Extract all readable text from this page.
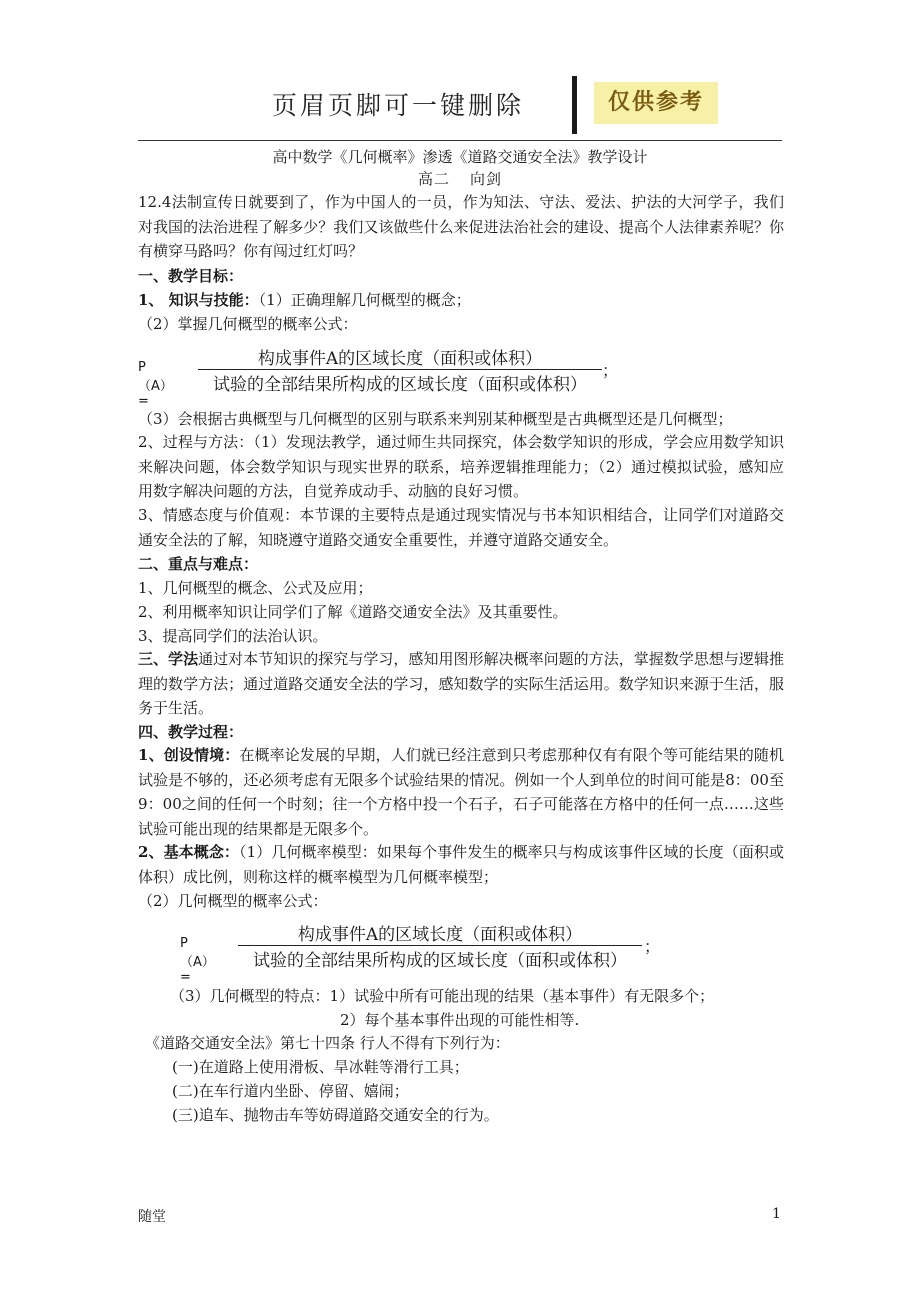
页眉页脚可一键删除	仅供参考
高中数学《几何概率》渗透《道路交通安全法》教学设计
高二 向剑
12.4法制宣传日就要到了，作为中国人的一员，作为知法、守法、爱法、护法的大河学子，我们对我国的法治进程了解多少？我们又该做些什么来促进法治社会的建设、提高个人法律素养呢？你有横穿马路吗？你有闯过红灯吗？
一、教学目标：
1、 知识与技能：（1）正确理解几何概型的概念；
（2）掌握几何概型的概率公式：
P（A）=
构成事件A的区域长度（面积或体积）
试验的全部结果所构成的区域长度（面积或体积）
；
（3）会根据古典概型与几何概型的区别与联系来判别某种概型是古典概型还是几何概型；
2、过程与方法：（1）发现法教学，通过师生共同探究，体会数学知识的形成，学会应用数学知识来解决问题，体会数学知识与现实世界的联系，培养逻辑推理能力；（2）通过模拟试验，感知应用数字解决问题的方法，自觉养成动手、动脑的良好习惯。
3、情感态度与价值观：本节课的主要特点是通过现实情况与书本知识相结合，让同学们对道路交通安全法的了解，知晓遵守道路交通安全重要性，并遵守道路交通安全。
二、重点与难点：
1、几何概型的概念、公式及应用；
2、利用概率知识让同学们了解《道路交通安全法》及其重要性。
3、提高同学们的法治认识。
三、学法通过对本节知识的探究与学习，感知用图形解决概率问题的方法，掌握数学思想与逻辑推理的数学方法；通过道路交通安全法的学习，感知数学的实际生活运用。数学知识来源于生活，服务于生活。
四、教学过程：
1、创设情境：在概率论发展的早期，人们就已经注意到只考虑那种仅有有限个等可能结果的随机试验是不够的，还必须考虑有无限多个试验结果的情况。例如一个人到单位的时间可能是8：00至9：00之间的任何一个时刻；往一个方格中投一个石子，石子可能落在方格中的任何一点……这些试验可能出现的结果都是无限多个。
2、基本概念：（1）几何概率模型：如果每个事件发生的概率只与构成该事件区域的长度（面积或体积）成比例，则称这样的概率模型为几何概率模型；
（2）几何概型的概率公式：
P（A）=
构成事件A的区域长度（面积或体积）
试验的全部结果所构成的区域长度（面积或体积）
；
（3）几何概型的特点：1）试验中所有可能出现的结果（基本事件）有无限多个；
2）每个基本事件出现的可能性相等.
《道路交通安全法》第七十四条 行人不得有下列行为：
(一)在道路上使用滑板、旱冰鞋等滑行工具；
(二)在车行道内坐卧、停留、嬉闹；
(三)追车、抛物击车等妨碍道路交通安全的行为。
随堂	1
